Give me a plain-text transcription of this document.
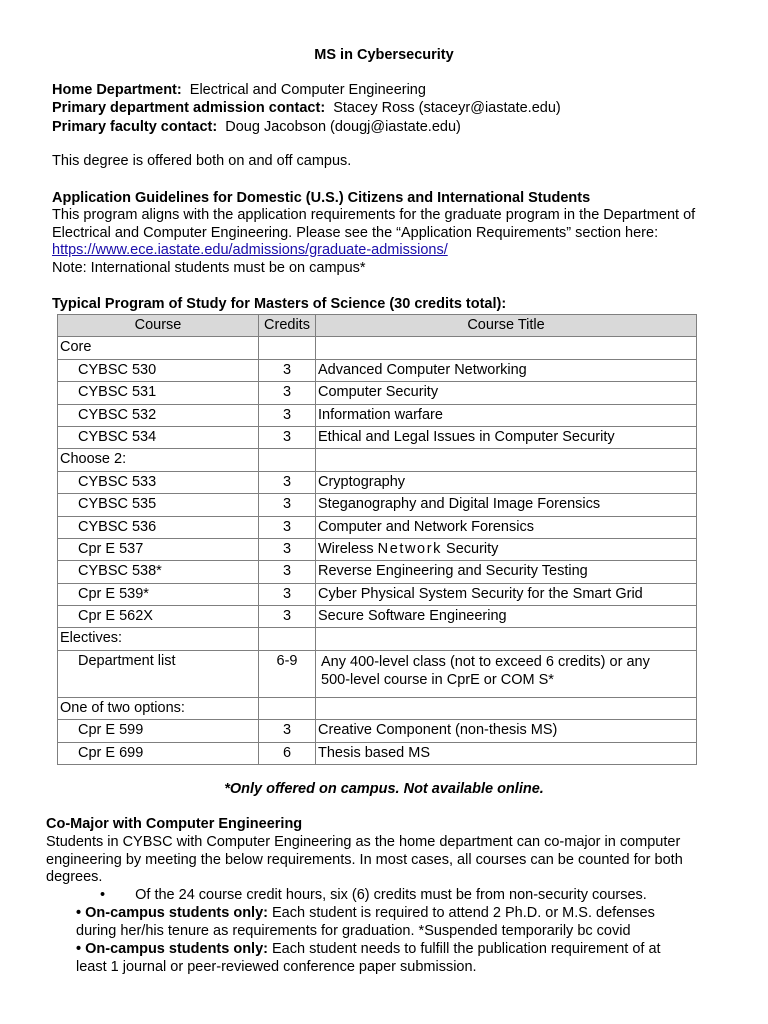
MS in Cybersecurity
Home Department: Electrical and Computer Engineering
Primary department admission contact: Stacey Ross (staceyr@iastate.edu)
Primary faculty contact: Doug Jacobson (dougj@iastate.edu)
This degree is offered both on and off campus.
Application Guidelines for Domestic (U.S.) Citizens and International Students
This program aligns with the application requirements for the graduate program in the Department of
Electrical and Computer Engineering. Please see the “Application Requirements” section here:
https://www.ece.iastate.edu/admissions/graduate-admissions/
Note: International students must be on campus*
Typical Program of Study for Masters of Science (30 credits total):
Course	Credits	Course Title
Core		
CYBSC 530	3	Advanced Computer Networking
CYBSC 531	3	Computer Security
CYBSC 532	3	Information warfare
CYBSC 534	3	Ethical and Legal Issues in Computer Security
Choose 2:		
CYBSC 533	3	Cryptography
CYBSC 535	3	Steganography and Digital Image Forensics
CYBSC 536	3	Computer and Network Forensics
Cpr E 537	3	Wireless Network Security
CYBSC 538*	3	Reverse Engineering and Security Testing
Cpr E 539*	3	Cyber Physical System Security for the Smart Grid
Cpr E 562X	3	Secure Software Engineering
Electives:		
Department list	6-9	Any 400-level class (not to exceed 6 credits) or any
500-level course in CprE or COM S*

One of two options:		
Cpr E 599	3	Creative Component (non-thesis MS)
Cpr E 699	6	Thesis based MS
*Only offered on campus. Not available online.
Co-Major with Computer Engineering
Students in CYBSC with Computer Engineering as the home department can co-major in computer
engineering by meeting the below requirements. In most cases, all courses can be counted for both
degrees.
• Of the 24 course credit hours, six (6) credits must be from non-security courses.
• On-campus students only: Each student is required to attend 2 Ph.D. or M.S. defenses
during her/his tenure as requirements for graduation. *Suspended temporarily bc covid
• On-campus students only: Each student needs to fulfill the publication requirement of at
least 1 journal or peer-reviewed conference paper submission.
